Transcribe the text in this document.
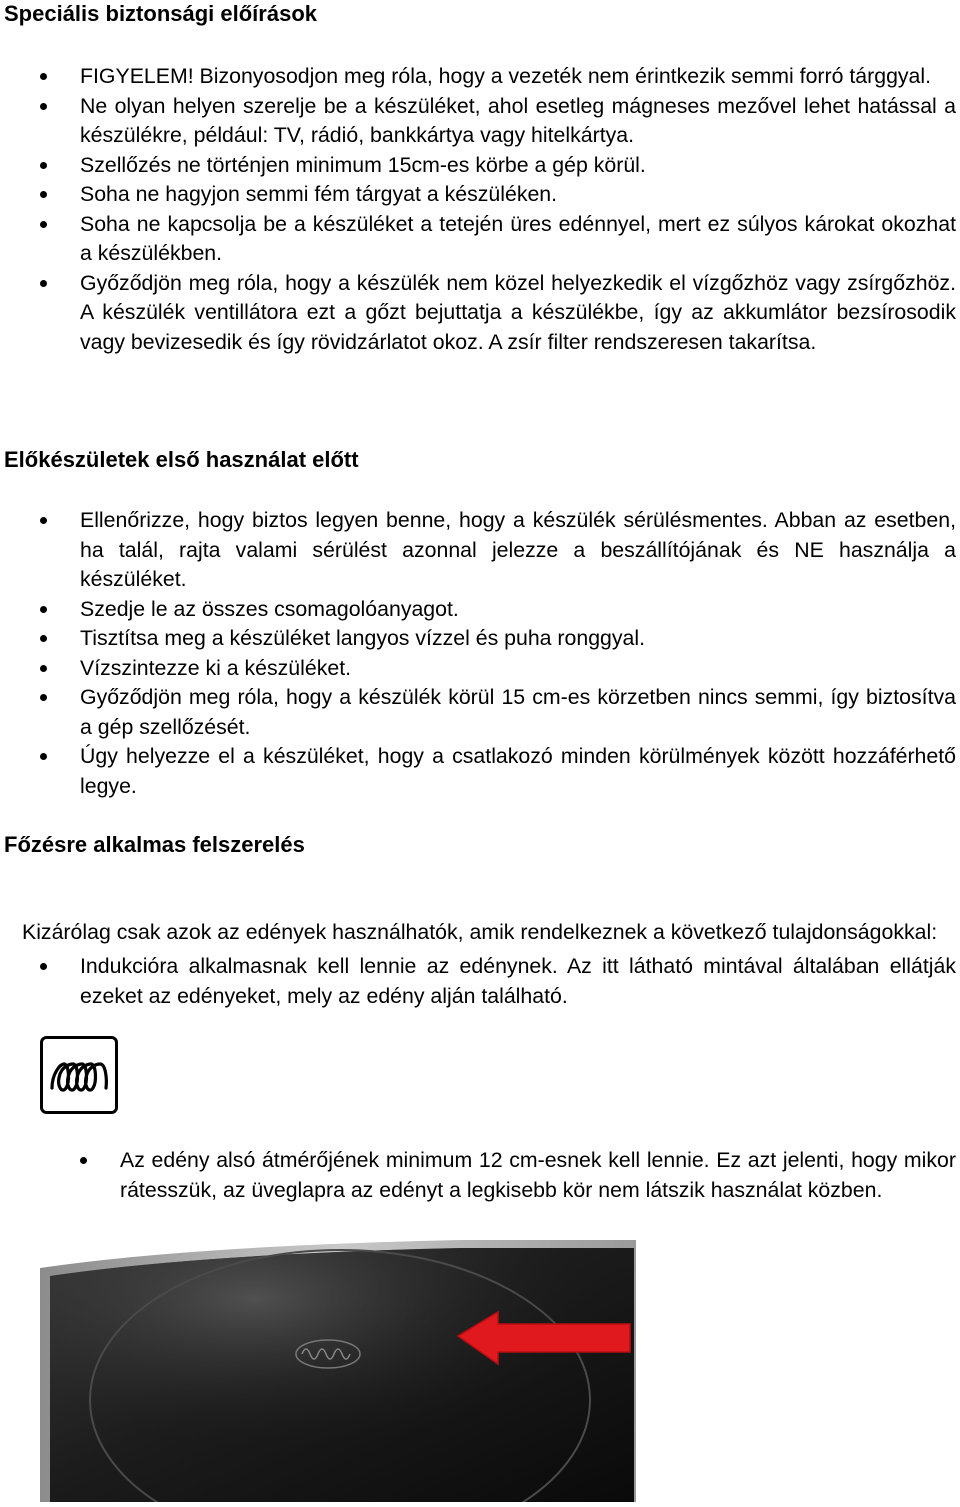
Speciális biztonsági előírások
FIGYELEM! Bizonyosodjon meg róla, hogy a vezeték nem érintkezik semmi forró tárggyal.
Ne olyan helyen szerelje be a készüléket, ahol esetleg mágneses mezővel lehet hatással a készülékre, például: TV, rádió, bankkártya vagy hitelkártya.
Szellőzés ne történjen minimum 15cm-es körbe a gép körül.
Soha ne hagyjon semmi fém tárgyat a készüléken.
Soha ne kapcsolja be a készüléket a tetején üres edénnyel, mert ez súlyos károkat okozhat a készülékben.
Győződjön meg róla, hogy a készülék nem közel helyezkedik el vízgőzhöz vagy zsírgőzhöz. A készülék ventillátora ezt a gőzt bejuttatja a készülékbe, így az akkumlátor bezsírosodik vagy bevizesedik és így rövidzárlatot okoz. A zsír filter rendszeresen takarítsa.
Előkészületek első használat előtt
Ellenőrizze, hogy biztos legyen benne, hogy a készülék sérülésmentes. Abban az esetben, ha talál, rajta valami sérülést azonnal jelezze a beszállítójának és NE használja a készüléket.
Szedje le az összes csomagolóanyagot.
Tisztítsa meg a készüléket langyos vízzel és puha ronggyal.
Vízszintezze ki a készüléket.
Győződjön meg róla, hogy a készülék körül 15 cm-es körzetben nincs semmi, így biztosítva a gép szellőzését.
Úgy helyezze el a készüléket, hogy a csatlakozó minden körülmények között hozzáférhető legye.
Főzésre alkalmas felszerelés

Kizárólag csak azok az edények használhatók, amik rendelkeznek a következő tulajdonságokkal:

Indukcióra alkalmasnak kell lennie az edénynek. Az itt látható mintával általában ellátják ezeket az edényeket, mely az edény alján található.
Az edény alsó átmérőjének minimum 12 cm-esnek kell lennie. Ez azt jelenti, hogy mikor rátesszük, az üveglapra az edényt a legkisebb kör nem látszik használat közben.
